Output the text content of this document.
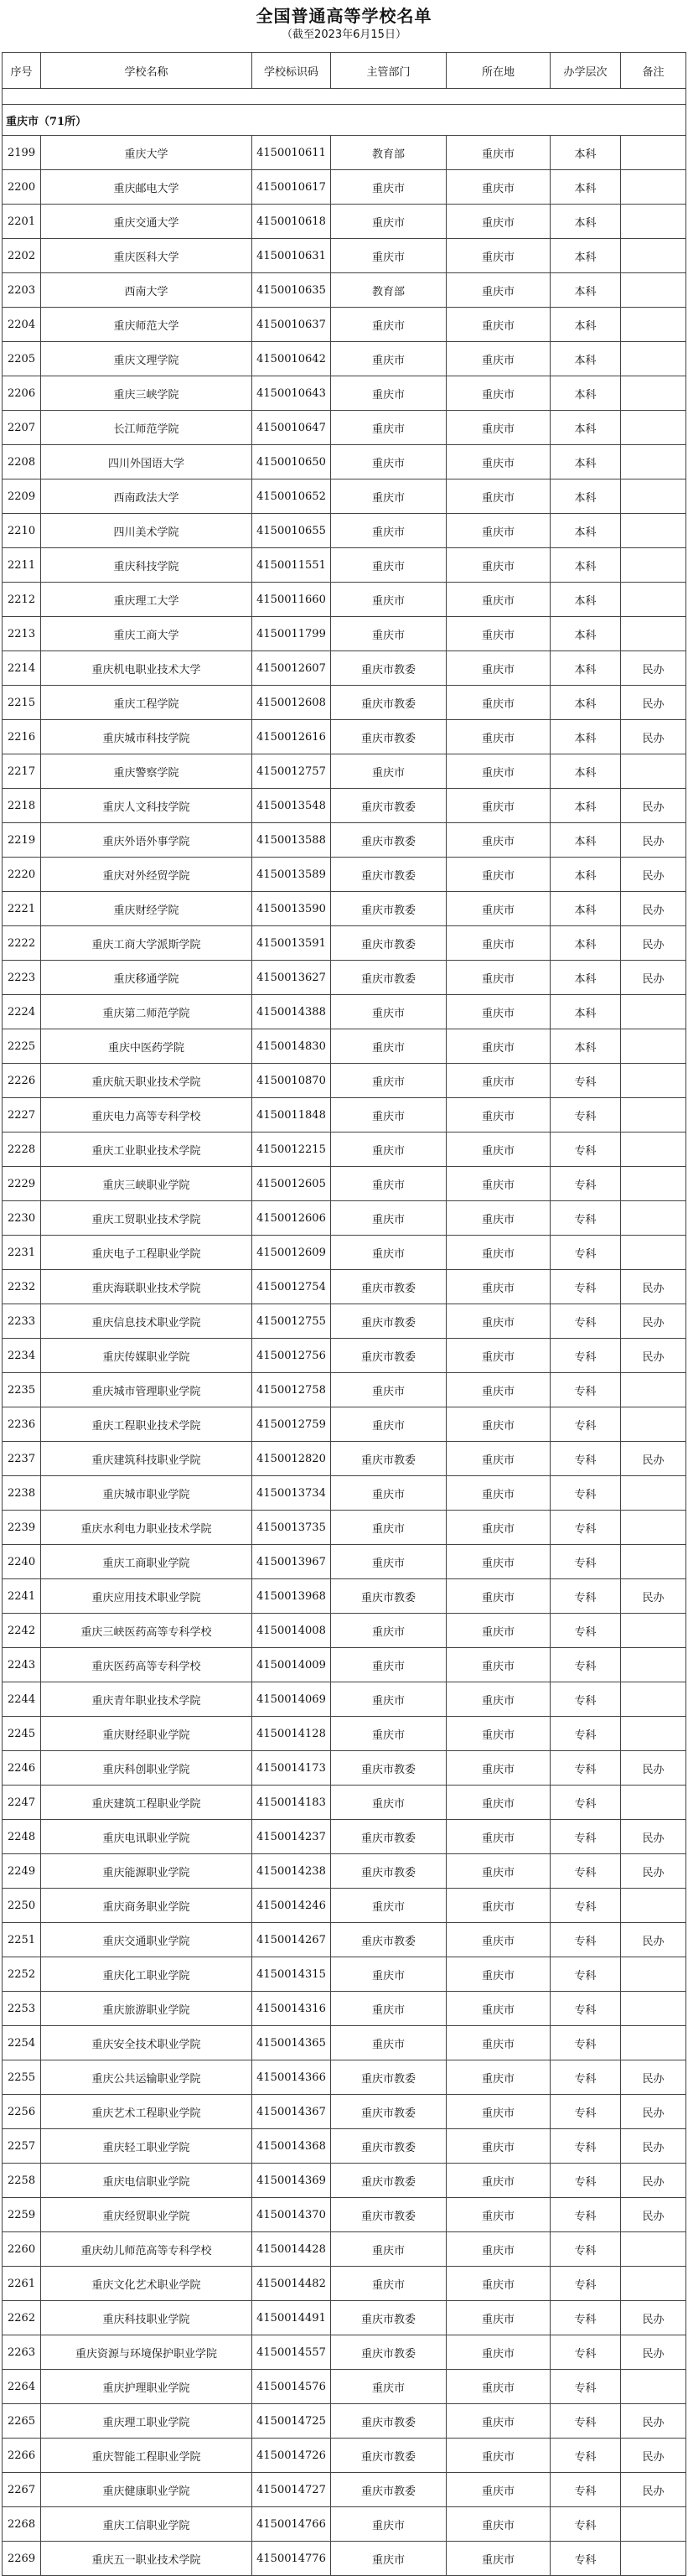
全国普通高等学校名单
（截至2023年6月15日）
序号	学校名称	学校标识码	主管部门	所在地	办学层次	备注

重庆市（71所）						
2199	重庆大学	4150010611	教育部	重庆市	本科	
2200	重庆邮电大学	4150010617	重庆市	重庆市	本科	
2201	重庆交通大学	4150010618	重庆市	重庆市	本科	
2202	重庆医科大学	4150010631	重庆市	重庆市	本科	
2203	西南大学	4150010635	教育部	重庆市	本科	
2204	重庆师范大学	4150010637	重庆市	重庆市	本科	
2205	重庆文理学院	4150010642	重庆市	重庆市	本科	
2206	重庆三峡学院	4150010643	重庆市	重庆市	本科	
2207	长江师范学院	4150010647	重庆市	重庆市	本科	
2208	四川外国语大学	4150010650	重庆市	重庆市	本科	
2209	西南政法大学	4150010652	重庆市	重庆市	本科	
2210	四川美术学院	4150010655	重庆市	重庆市	本科	
2211	重庆科技学院	4150011551	重庆市	重庆市	本科	
2212	重庆理工大学	4150011660	重庆市	重庆市	本科	
2213	重庆工商大学	4150011799	重庆市	重庆市	本科	
2214	重庆机电职业技术大学	4150012607	重庆市教委	重庆市	本科	民办
2215	重庆工程学院	4150012608	重庆市教委	重庆市	本科	民办
2216	重庆城市科技学院	4150012616	重庆市教委	重庆市	本科	民办
2217	重庆警察学院	4150012757	重庆市	重庆市	本科	
2218	重庆人文科技学院	4150013548	重庆市教委	重庆市	本科	民办
2219	重庆外语外事学院	4150013588	重庆市教委	重庆市	本科	民办
2220	重庆对外经贸学院	4150013589	重庆市教委	重庆市	本科	民办
2221	重庆财经学院	4150013590	重庆市教委	重庆市	本科	民办
2222	重庆工商大学派斯学院	4150013591	重庆市教委	重庆市	本科	民办
2223	重庆移通学院	4150013627	重庆市教委	重庆市	本科	民办
2224	重庆第二师范学院	4150014388	重庆市	重庆市	本科	
2225	重庆中医药学院	4150014830	重庆市	重庆市	本科	
2226	重庆航天职业技术学院	4150010870	重庆市	重庆市	专科	
2227	重庆电力高等专科学校	4150011848	重庆市	重庆市	专科	
2228	重庆工业职业技术学院	4150012215	重庆市	重庆市	专科	
2229	重庆三峡职业学院	4150012605	重庆市	重庆市	专科	
2230	重庆工贸职业技术学院	4150012606	重庆市	重庆市	专科	
2231	重庆电子工程职业学院	4150012609	重庆市	重庆市	专科	
2232	重庆海联职业技术学院	4150012754	重庆市教委	重庆市	专科	民办
2233	重庆信息技术职业学院	4150012755	重庆市教委	重庆市	专科	民办
2234	重庆传媒职业学院	4150012756	重庆市教委	重庆市	专科	民办
2235	重庆城市管理职业学院	4150012758	重庆市	重庆市	专科	
2236	重庆工程职业技术学院	4150012759	重庆市	重庆市	专科	
2237	重庆建筑科技职业学院	4150012820	重庆市教委	重庆市	专科	民办
2238	重庆城市职业学院	4150013734	重庆市	重庆市	专科	
2239	重庆水利电力职业技术学院	4150013735	重庆市	重庆市	专科	
2240	重庆工商职业学院	4150013967	重庆市	重庆市	专科	
2241	重庆应用技术职业学院	4150013968	重庆市教委	重庆市	专科	民办
2242	重庆三峡医药高等专科学校	4150014008	重庆市	重庆市	专科	
2243	重庆医药高等专科学校	4150014009	重庆市	重庆市	专科	
2244	重庆青年职业技术学院	4150014069	重庆市	重庆市	专科	
2245	重庆财经职业学院	4150014128	重庆市	重庆市	专科	
2246	重庆科创职业学院	4150014173	重庆市教委	重庆市	专科	民办
2247	重庆建筑工程职业学院	4150014183	重庆市	重庆市	专科	
2248	重庆电讯职业学院	4150014237	重庆市教委	重庆市	专科	民办
2249	重庆能源职业学院	4150014238	重庆市教委	重庆市	专科	民办
2250	重庆商务职业学院	4150014246	重庆市	重庆市	专科	
2251	重庆交通职业学院	4150014267	重庆市教委	重庆市	专科	民办
2252	重庆化工职业学院	4150014315	重庆市	重庆市	专科	
2253	重庆旅游职业学院	4150014316	重庆市	重庆市	专科	
2254	重庆安全技术职业学院	4150014365	重庆市	重庆市	专科	
2255	重庆公共运输职业学院	4150014366	重庆市教委	重庆市	专科	民办
2256	重庆艺术工程职业学院	4150014367	重庆市教委	重庆市	专科	民办
2257	重庆轻工职业学院	4150014368	重庆市教委	重庆市	专科	民办
2258	重庆电信职业学院	4150014369	重庆市教委	重庆市	专科	民办
2259	重庆经贸职业学院	4150014370	重庆市教委	重庆市	专科	民办
2260	重庆幼儿师范高等专科学校	4150014428	重庆市	重庆市	专科	
2261	重庆文化艺术职业学院	4150014482	重庆市	重庆市	专科	
2262	重庆科技职业学院	4150014491	重庆市教委	重庆市	专科	民办
2263	重庆资源与环境保护职业学院	4150014557	重庆市教委	重庆市	专科	民办
2264	重庆护理职业学院	4150014576	重庆市	重庆市	专科	
2265	重庆理工职业学院	4150014725	重庆市教委	重庆市	专科	民办
2266	重庆智能工程职业学院	4150014726	重庆市教委	重庆市	专科	民办
2267	重庆健康职业学院	4150014727	重庆市教委	重庆市	专科	民办
2268	重庆工信职业学院	4150014766	重庆市	重庆市	专科	
2269	重庆五一职业技术学院	4150014776	重庆市	重庆市	专科	
